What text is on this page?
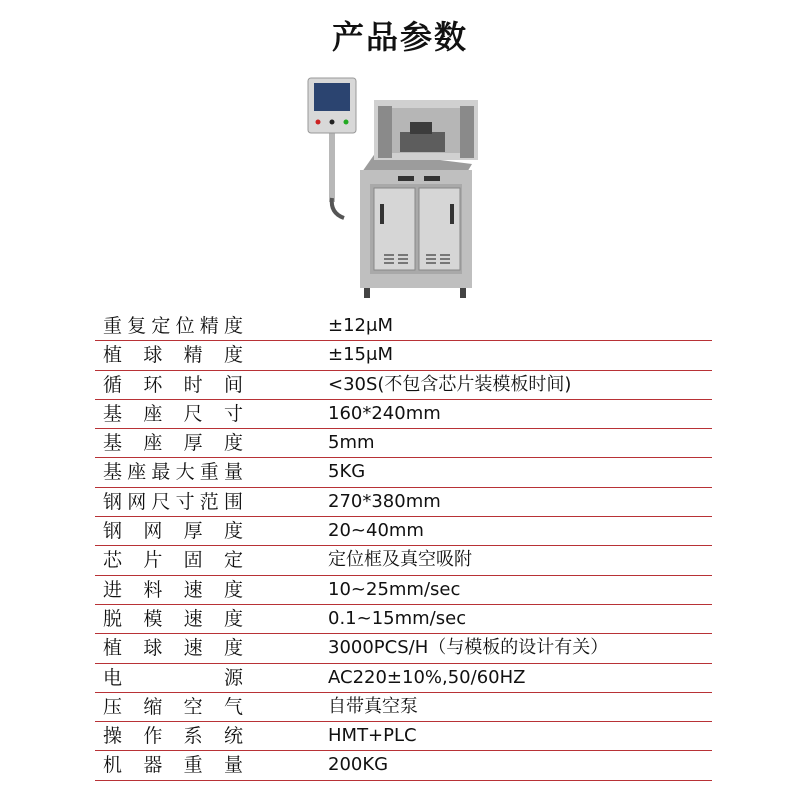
产品参数
重复定位精度	±12μM
植球精度	±15μM
循环时间	<30S(不包含芯片装模板时间)
基座尺寸	160*240mm
基座厚度	5mm
基座最大重量	5KG
钢网尺寸范围	270*380mm
钢网厚度	20~40mm
芯片固定	定位框及真空吸附
进料速度	10~25mm/sec
脱模速度	0.1~15mm/sec
植球速度	3000PCS/H（与模板的设计有关）
电源	AC220±10%,50/60HZ
压缩空气	自带真空泵
操作系统	HMT+PLC
机器重量	200KG
